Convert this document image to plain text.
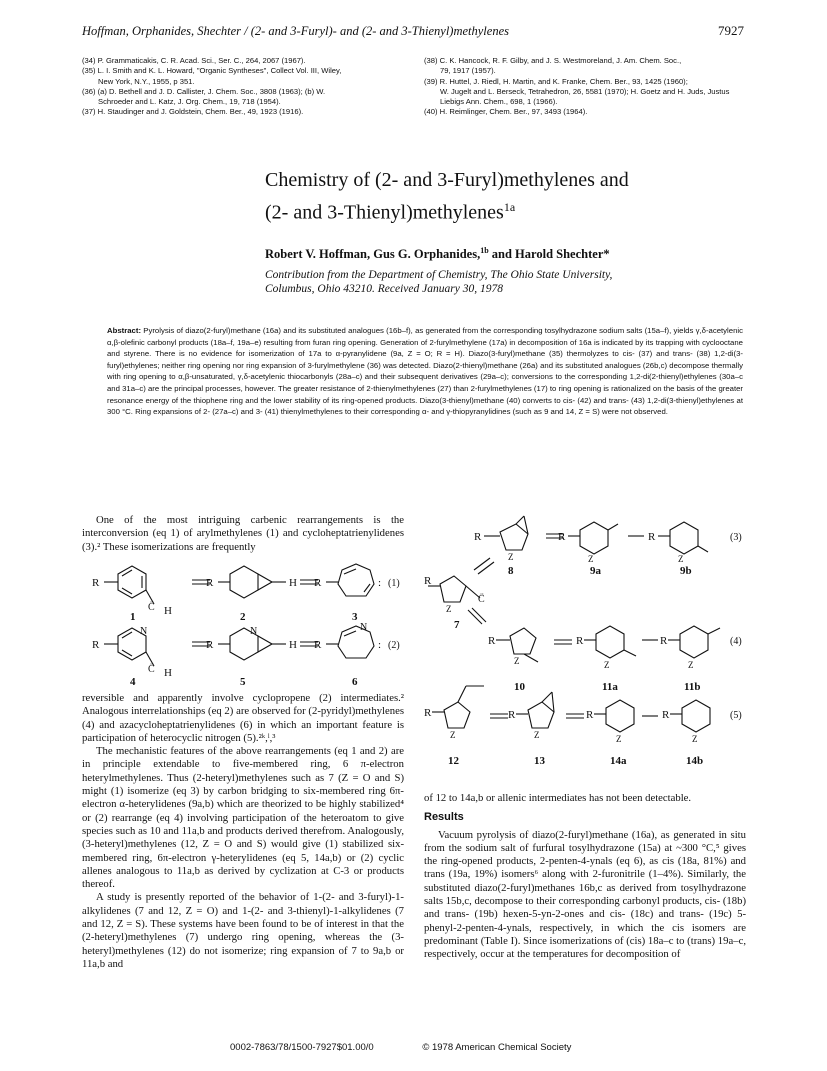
Hoffman, Orphanides, Shechter / (2- and 3-Furyl)- and (2- and 3-Thienyl)methylenes	7927
(34) P. Grammaticakis, C. R. Acad. Sci., Ser. C., 264, 2067 (1967).
(35) L. I. Smith and K. L. Howard, "Organic Syntheses", Collect Vol. III, Wiley,
New York, N.Y., 1955, p 351.
(36) (a) D. Bethell and J. D. Callister, J. Chem. Soc., 3808 (1963); (b) W.
Schroeder and L. Katz, J. Org. Chem., 19, 718 (1954).
(37) H. Staudinger and J. Goldstein, Chem. Ber., 49, 1923 (1916).
(38) C. K. Hancock, R. F. Gilby, and J. S. Westmoreland, J. Am. Chem. Soc.,
79, 1917 (1957).
(39) R. Huttel, J. Riedl, H. Martin, and K. Franke, Chem. Ber., 93, 1425 (1960);
W. Jugelt and L. Berseck, Tetrahedron, 26, 5581 (1970); H. Goetz and H. Juds, Justus Liebigs Ann. Chem., 698, 1 (1966).
(40) H. Reimlinger, Chem. Ber., 97, 3493 (1964).
Chemistry of (2- and 3-Furyl)methylenes and
(2- and 3-Thienyl)methylenes$^{1a}$
Robert V. Hoffman, Gus G. Orphanides,$^{1b}$ and Harold Shechter*
Contribution from the Department of Chemistry, The Ohio State University,
Columbus, Ohio 43210. Received January 30, 1978
Abstract: Pyrolysis of diazo(2-furyl)methane (16a) and its substituted analogues (16b–f), as generated from the corresponding tosylhydrazone sodium salts (15a–f), yields γ,δ-acetylenic α,β-olefinic carbonyl products (18a–f, 19a–e) resulting from furan ring opening. Generation of 2-furylmethylene (17a) in decomposition of 16a is indicated by its trapping with cyclooctane and styrene. There is no evidence for isomerization of 17a to α-pyranylidene (9a, Z = O; R = H). Diazo(3-furyl)methane (35) thermolyzes to cis- (37) and trans- (38) 1,2-di(3-furyl)ethylenes; neither ring opening nor ring expansion of 3-furylmethylene (36) was detected. Diazo(2-thienyl)methane (26a) and its substituted analogues (26b,c) decompose thermally with ring opening to α,β-unsaturated, γ,δ-acetylenic thiocarbonyls (28a–c) and their subsequent derivatives (29a–c); conversions to the corresponding 1,2-di(2-thienyl)ethylenes (30a–c and 31a–c) are the principal processes, however. The greater resistance of 2-thienylmethylenes (27) than 2-furylmethylenes (17) to ring opening is rationalized on the basis of the greater resonance energy of the thiophene ring and the lower stability of its ring-opened products. Diazo(3-thienyl)methane (40) converts to cis- (42) and trans- (43) 1,2-di(3-thienyl)ethylenes at 300 °C. Ring expansions of 2- (27a–c) and 3- (41) thienylmethylenes to their corresponding α- and γ-thiopyranylidines (such as 9 and 14, Z = S) were not observed.

One of the most intriguing carbenic rearrangements is the interconversion (eq 1) of arylmethylenes (1) and cycloheptatrienylidenes (3).² These isomerizations are frequently

R
C̈ H
R	H R	: (1)
1	2	3
R
N
C̈ H
R
N
H R
N
: (2)
4	5	6

reversible and apparently involve cyclopropene (2) intermediates.² Analogous interrelationships (eq 2) are observed for (2-pyridyl)methylenes (4) and azacycloheptatrienylidenes (6) in which an important feature is participation of heterocyclic nitrogen (5).²ᵏ,ˡ,³

The mechanistic features of the above rearrangements (eq 1 and 2) are in principle extendable to five-membered ring, 6 π-electron heterylmethylenes. Thus (2-heteryl)methylenes such as 7 (Z = O and S) might (1) isomerize (eq 3) by carbon bridging to six-membered ring 6π-electron α-heterylidenes (9a,b) which are theorized to be highly stabilized⁴ or (2) rearrange (eq 4) involving participation of the heteroatom to give species such as 10 and 11a,b and products derived therefrom. Analogously, (3-heteryl)methylenes (12, Z = O and S) would give (1) stabilized six-membered ring, 6π-electron γ-heterylidenes (eq 5, 14a,b) or (2) cyclic allenes analogous to 11a,b as derived by cyclization at C-3 or products thereof.

A study is presently reported of the behavior of 1-(2- and 3-furyl)-1-alkylidenes (7 and 12, Z = O) and 1-(2- and 3-thienyl)-1-alkylidenes (7 and 12, Z = S). These systems have been found to be of interest in that the (2-heteryl)methylenes (7) undergo ring opening, whereas the (3-heteryl)methylenes (12) do not isomerize; ring expansion of 7 to 9a,b or 11a,b and

R
Z
R
Z
R
Z
(3)
8	9a	9b
R
Z
C̈
7
R
Z
R
Z
R
Z
(4)
10	11a	11b
R
Z
R
Z
R
Z
R
Z
(5)
12	13	14a	14b

of 12 to 14a,b or allenic intermediates has not been detectable.

Results

Vacuum pyrolysis of diazo(2-furyl)methane (16a), as generated in situ from the sodium salt of furfural tosylhydrazone (15a) at ~300 °C,⁵ gives the ring-opened products, 2-penten-4-ynals (eq 6), as cis (18a, 81%) and trans (19a, 19%) isomers⁶ along with 2-furonitrile (1–4%). Similarly, the substituted diazo(2-furyl)methanes 16b,c as derived from tosylhydrazone salts 15b,c, decompose to their corresponding carbonyl products, cis- (18b) and trans- (19b) hexen-5-yn-2-ones and cis- (18c) and trans- (19c) 5-phenyl-2-penten-4-ynals, respectively, in which the cis isomers are predominant (Table I). Since isomerizations of (cis) 18a–c to (trans) 19a–c, respectively, occur at the temperatures for decomposition of

0002-7863/78/1500-7927$01.00/0	© 1978 American Chemical Society
